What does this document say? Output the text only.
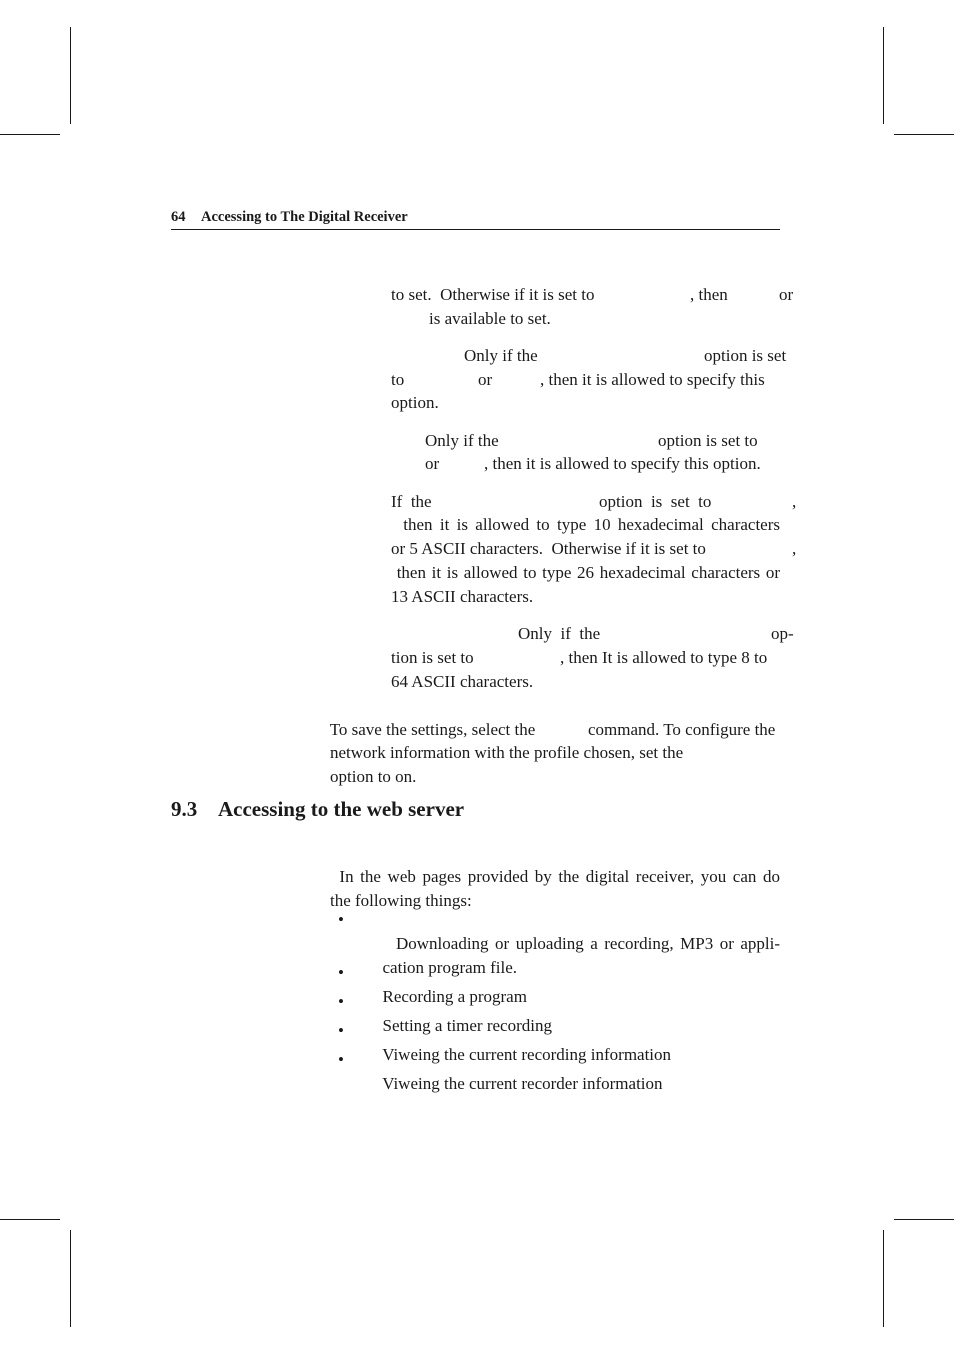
64 Accessing to The Digital Receiver

to set.  Otherwise if it is set to
	, then
	or

is available to set.

Only if the
	option is set

to
	or
	, then it is allowed to specify this

option.

Only if the
	option is set to

or
	, then it is allowed to specify this option.

If  the
	option  is  set  to
	,

then it is allowed to type 10 hexadecimal characters

or 5 ASCII characters.  Otherwise if it is set to
	,

then it is allowed to type 26 hexadecimal characters or

13 ASCII characters.

Only  if  the
	op-

tion is set to
	, then It is allowed to type 8 to

64 ASCII characters.

To save the settings, select the
	command. To configure the

network information with the profile chosen, set the

option to on.

9.3 Accessing to the web server

In the web pages provided by the digital receiver, you can do

the following things:

•

Downloading or uploading a recording, MP3 or appli-

cation program file.

•

Recording a program

•

Setting a timer recording

•

Viweing the current recording information

•

Viweing the current recorder information
